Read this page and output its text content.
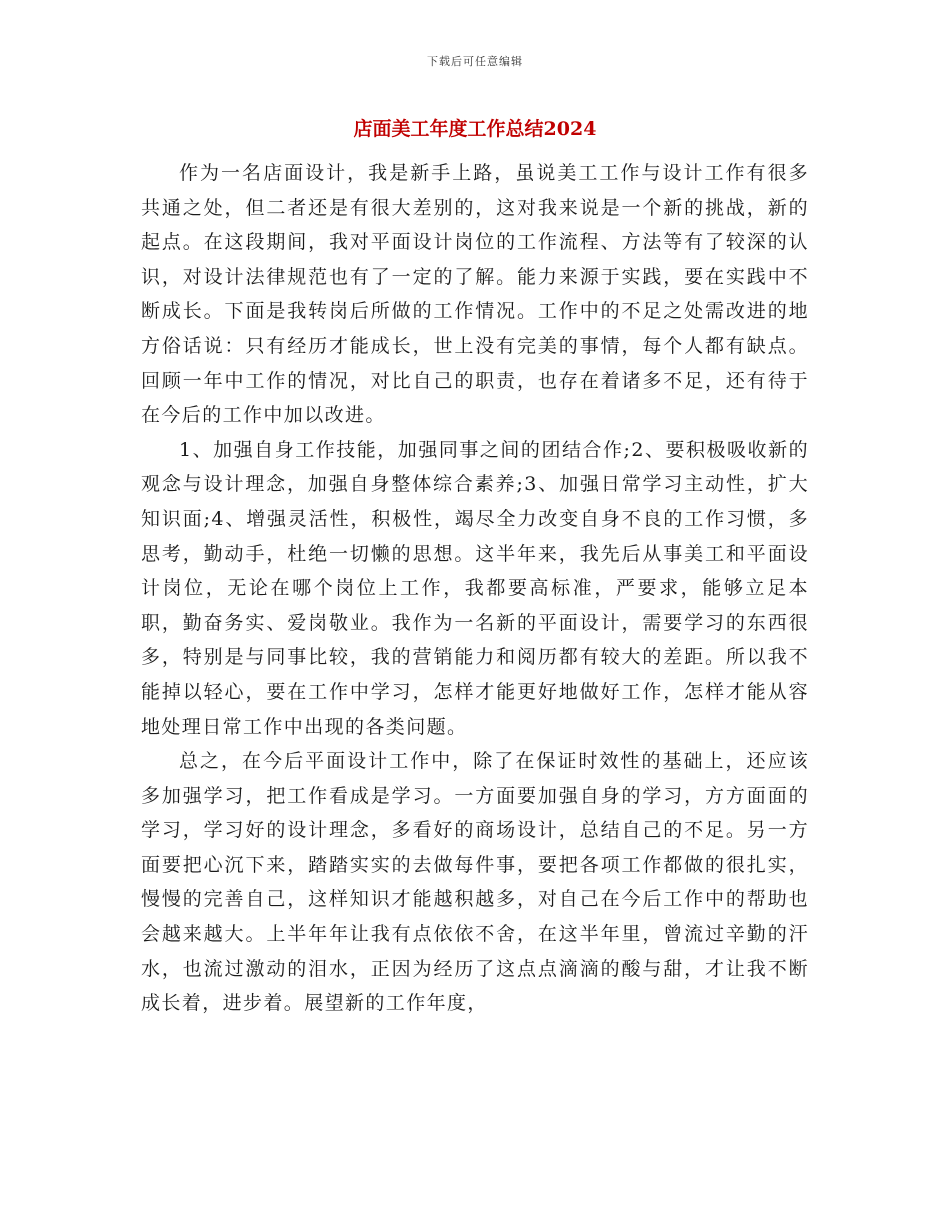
下载后可任意编辑
店面美工年度工作总结2024

作为一名店面设计，我是新手上路，虽说美工工作与设计工作有很多共通之处，但二者还是有很大差别的，这对我来说是一个新的挑战，新的起点。在这段期间，我对平面设计岗位的工作流程、方法等有了较深的认识，对设计法律规范也有了一定的了解。能力来源于实践，要在实践中不断成长。下面是我转岗后所做的工作情况。工作中的不足之处需改进的地方俗话说：只有经历才能成长，世上没有完美的事情，每个人都有缺点。回顾一年中工作的情况，对比自己的职责，也存在着诸多不足，还有待于在今后的工作中加以改进。

1、加强自身工作技能，加强同事之间的团结合作;2、要积极吸收新的观念与设计理念，加强自身整体综合素养;3、加强日常学习主动性，扩大知识面;4、增强灵活性，积极性，竭尽全力改变自身不良的工作习惯，多思考，勤动手，杜绝一切懒的思想。这半年来，我先后从事美工和平面设计岗位，无论在哪个岗位上工作，我都要高标准，严要求，能够立足本职，勤奋务实、爱岗敬业。我作为一名新的平面设计，需要学习的东西很多，特别是与同事比较，我的营销能力和阅历都有较大的差距。所以我不能掉以轻心，要在工作中学习，怎样才能更好地做好工作，怎样才能从容地处理日常工作中出现的各类问题。

总之，在今后平面设计工作中，除了在保证时效性的基础上，还应该多加强学习，把工作看成是学习。一方面要加强自身的学习，方方面面的学习，学习好的设计理念，多看好的商场设计，总结自己的不足。另一方面要把心沉下来，踏踏实实的去做每件事，要把各项工作都做的很扎实，慢慢的完善自己，这样知识才能越积越多，对自己在今后工作中的帮助也会越来越大。上半年年让我有点依依不舍，在这半年里，曾流过辛勤的汗水，也流过激动的泪水，正因为经历了这点点滴滴的酸与甜，才让我不断成长着，进步着。展望新的工作年度，
